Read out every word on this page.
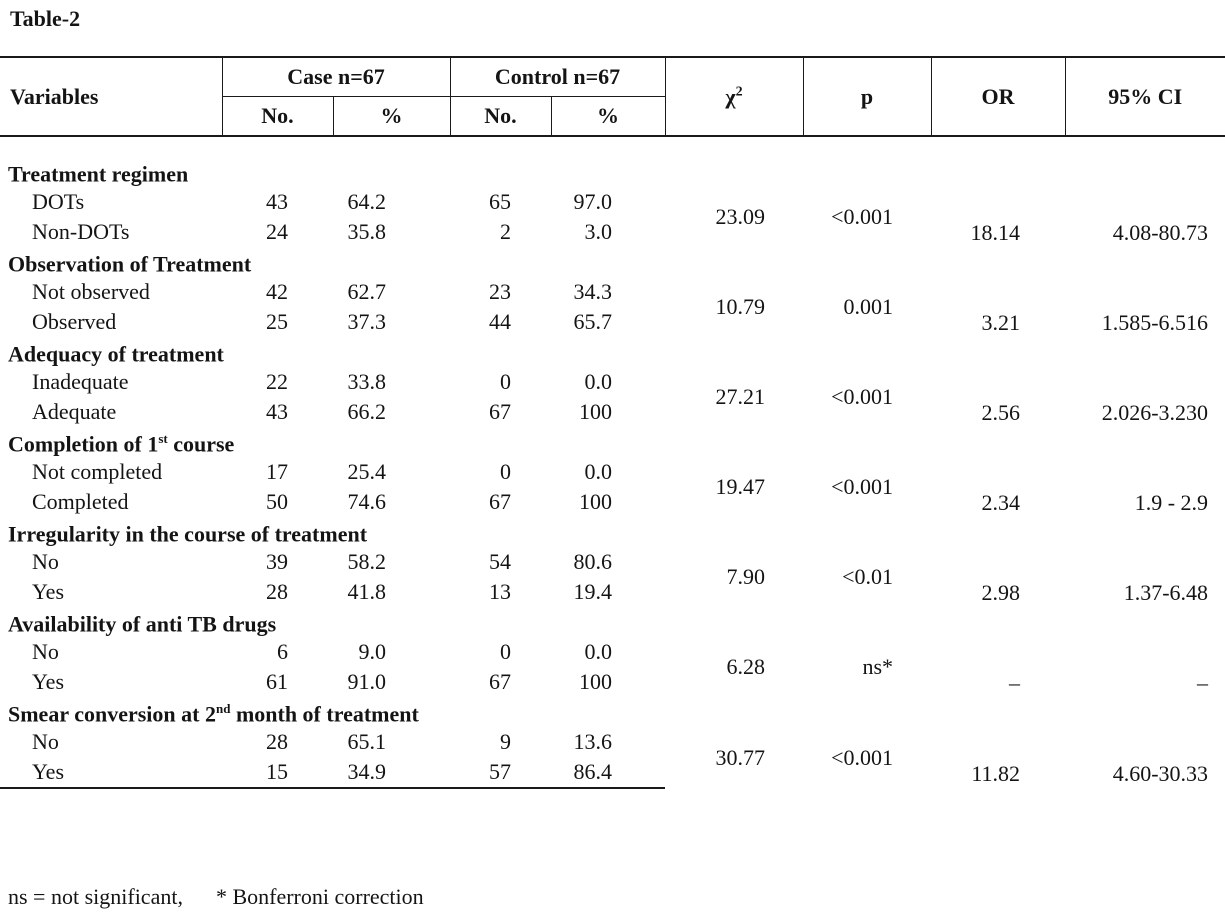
Table-2
Variables	Case n=67		Control n=67		$\chi^2$	p	OR	95% CI
	No.	%	No.	%				

Treatment regimen								
DOTs	43	64.2	65	97.0	23.09	<0.001	18.14	4.08-80.73
Non-DOTs	24	35.8	2	3.0				
Observation of Treatment								
Not observed	42	62.7	23	34.3	10.79	0.001	3.21	1.585-6.516
Observed	25	37.3	44	65.7				
Adequacy of treatment								
Inadequate	22	33.8	0	0.0	27.21	<0.001	2.56	2.026-3.230
Adequate	43	66.2	67	100				
Completion of 1st course								
Not completed	17	25.4	0	0.0	19.47	<0.001	2.34	1.9 - 2.9
Completed	50	74.6	67	100				
Irregularity in the course of treatment								
No	39	58.2	54	80.6	7.90	<0.01	2.98	1.37-6.48
Yes	28	41.8	13	19.4				
Availability of anti TB drugs								
No	6	9.0	0	0.0	6.28	ns*	–	–
Yes	61	91.0	67	100				
Smear conversion at 2nd month of treatment								
No	28	65.1	9	13.6	30.77	<0.001	11.82	4.60-30.33
Yes	15	34.9	57	86.4				
ns = not significant, * Bonferroni correction
